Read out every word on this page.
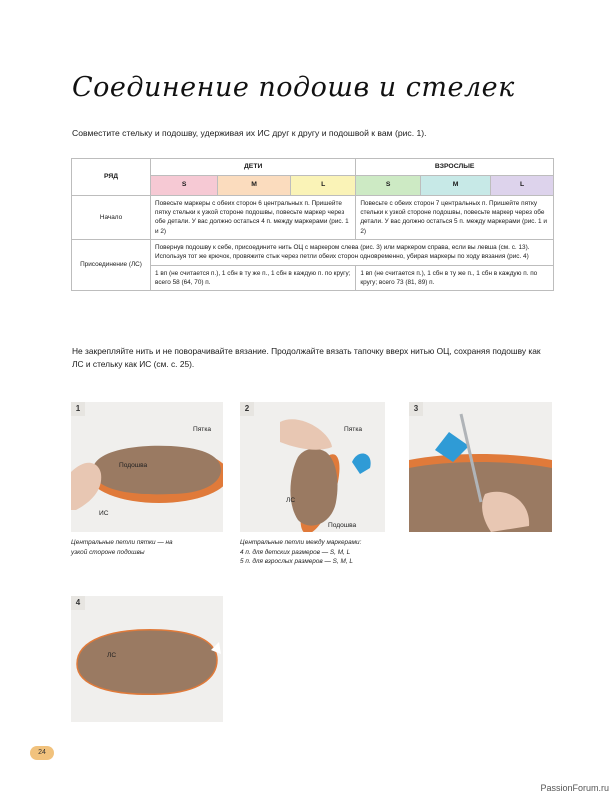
Соединение подошв и стелек
Совместите стельку и подошву, удерживая их ИС друг к другу и подошвой к вам (рис. 1).
РЯД	ДЕТИ			ВЗРОСЛЫЕ		
	S	M	L	S	M	L
Начало	Повесьте маркеры с обеих сторон 6 центральных п. Пришейте пятку стельки к узкой стороне подошвы, повесьте маркер через обе детали. У вас должно остаться 4 п. между маркерами (рис. 1 и 2)			Повесьте с обеих сторон 7 центральных п. Пришейте пятку стельки к узкой стороне подошвы, повесьте маркер через обе детали. У вас должно остаться 5 п. между маркерами (рис. 1 и 2)		
Присоединение (ЛС)	Повернув подошву к себе, присоедините нить ОЦ с маркером слева (рис. 3) или маркером справа, если вы левша (см. с. 13). Используя тот же крючок, провяжите стык через петли обеих сторон одновременно, убирая маркеры по ходу вязания (рис. 4)					
	1 вп (не считается п.), 1 сбн в ту же п., 1 сбн в каждую п. по кругу; всего 58 (64, 70) п.			1 вп (не считается п.), 1 сбн в ту же п., 1 сбн в каждую п. по кругу; всего 73 (81, 89) п.		
Не закрепляйте нить и не поворачивайте вязание. Продолжайте вязать тапочку вверх нитью ОЦ, сохраняя подошву как ЛС и стельку как ИС (см. с. 25).
1
Пятка
Подошва
ИС
Центральные петли пятки — на
узкой стороне подошвы
2
Пятка
ЛС
Подошва
Центральные петли между маркерами:
4 п. для детских размеров — S, M, L
5 п. для взрослых размеров — S, M, L
3
4
ЛС
24
PassionForum.ru
